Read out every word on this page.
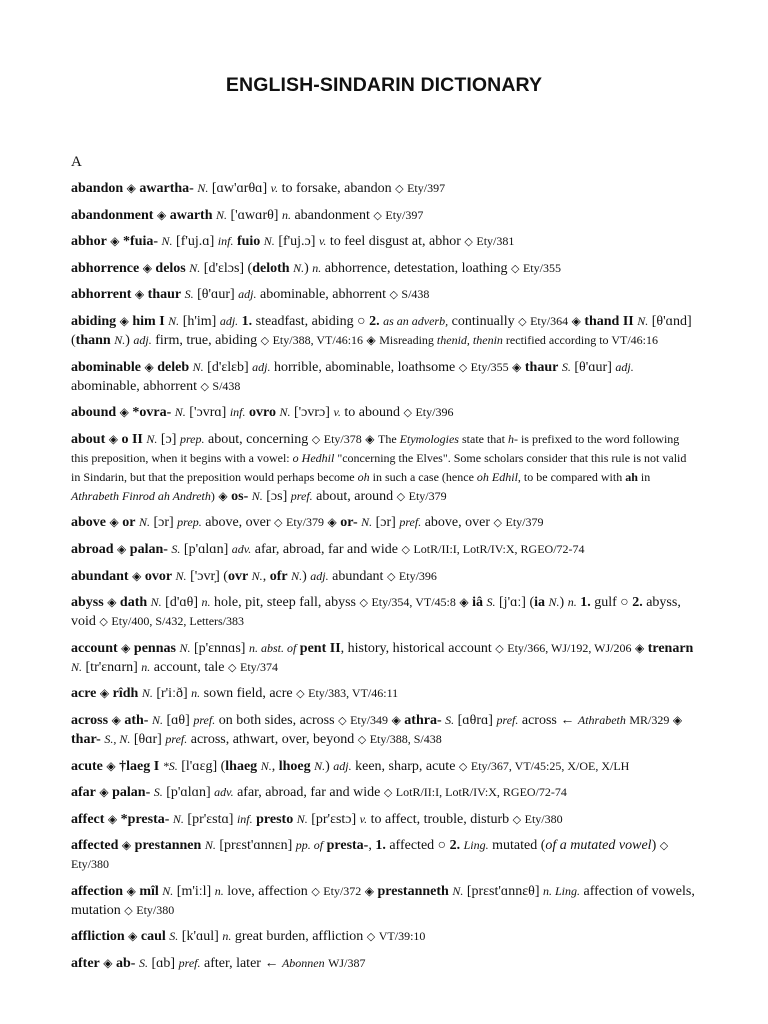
ENGLISH-SINDARIN DICTIONARY
A

abandon ◈ awartha- N. [ɑw'ɑrθɑ] v. to forsake, abandon ◇ Ety/397

abandonment ◈ awarth N. ['ɑwɑrθ] n. abandonment ◇ Ety/397

abhor ◈ *fuia- N. [f'uj.ɑ] inf. fuio N. [f'uj.ɔ] v. to feel disgust at, abhor ◇ Ety/381

abhorrence ◈ delos N. [d'ɛlɔs] (deloth N.) n. abhorrence, detestation, loathing ◇ Ety/355

abhorrent ◈ thaur S. [θ'ɑur] adj. abominable, abhorrent ◇ S/438

abiding ◈ him I N. [h'im] adj. 1. steadfast, abiding ○ 2. as an adverb, continually ◇ Ety/364 ◈ thand II N. [θ'ɑnd] (thann N.) adj. firm, true, abiding ◇ Ety/388, VT/46:16 ◈ Misreading thenid, thenin rectified according to VT/46:16

abominable ◈ deleb N. [d'ɛlɛb] adj. horrible, abominable, loathsome ◇ Ety/355 ◈ thaur S. [θ'ɑur] adj. abominable, abhorrent ◇ S/438

abound ◈ *ovra- N. ['ɔvrɑ] inf. ovro N. ['ɔvrɔ] v. to abound ◇ Ety/396

about ◈ o II N. [ɔ] prep. about, concerning ◇ Ety/378 ◈ The Etymologies state that h- is prefixed to the word following this preposition, when it begins with a vowel: o Hedhil "concerning the Elves". Some scholars consider that this rule is not valid in Sindarin, but that the preposition would perhaps become oh in such a case (hence oh Edhil, to be compared with ah in Athrabeth Finrod ah Andreth) ◈ os- N. [ɔs] pref. about, around ◇ Ety/379

above ◈ or N. [ɔr] prep. above, over ◇ Ety/379 ◈ or- N. [ɔr] pref. above, over ◇ Ety/379

abroad ◈ palan- S. [p'ɑlɑn] adv. afar, abroad, far and wide ◇ LotR/II:I, LotR/IV:X, RGEO/72-74

abundant ◈ ovor N. ['ɔvr̩] (ovr N., ofr N.) adj. abundant ◇ Ety/396

abyss ◈ dath N. [d'ɑθ] n. hole, pit, steep fall, abyss ◇ Ety/354, VT/45:8 ◈ iâ S. [j'ɑː] (ia N.) n. 1. gulf ○ 2. abyss, void ◇ Ety/400, S/432, Letters/383

account ◈ pennas N. [p'ɛnnɑs] n. abst. of pent II, history, historical account ◇ Ety/366, WJ/192, WJ/206 ◈ trenarn N. [tr'ɛnɑrn] n. account, tale ◇ Ety/374

acre ◈ rîdh N. [r'iːð] n. sown field, acre ◇ Ety/383, VT/46:11

across ◈ ath- N. [ɑθ] pref. on both sides, across ◇ Ety/349 ◈ athra- S. [ɑθrɑ] pref. across ← Athrabeth MR/329 ◈ thar- S., N. [θɑr] pref. across, athwart, over, beyond ◇ Ety/388, S/438

acute ◈ †laeg I *S. [l'ɑɛg] (lhaeg N., lhoeg N.) adj. keen, sharp, acute ◇ Ety/367, VT/45:25, X/OE, X/LH

afar ◈ palan- S. [p'ɑlɑn] adv. afar, abroad, far and wide ◇ LotR/II:I, LotR/IV:X, RGEO/72-74

affect ◈ *presta- N. [pr'ɛstɑ] inf. presto N. [pr'ɛstɔ] v. to affect, trouble, disturb ◇ Ety/380

affected ◈ prestannen N. [prɛst'ɑnnɛn] pp. of presta-, 1. affected ○ 2. Ling. mutated (of a mutated vowel) ◇ Ety/380

affection ◈ mîl N. [m'iːl] n. love, affection ◇ Ety/372 ◈ prestanneth N. [prɛst'ɑnnɛθ] n. Ling. affection of vowels, mutation ◇ Ety/380

affliction ◈ caul S. [k'ɑul] n. great burden, affliction ◇ VT/39:10

after ◈ ab- S. [ɑb] pref. after, later ← Abonnen WJ/387
